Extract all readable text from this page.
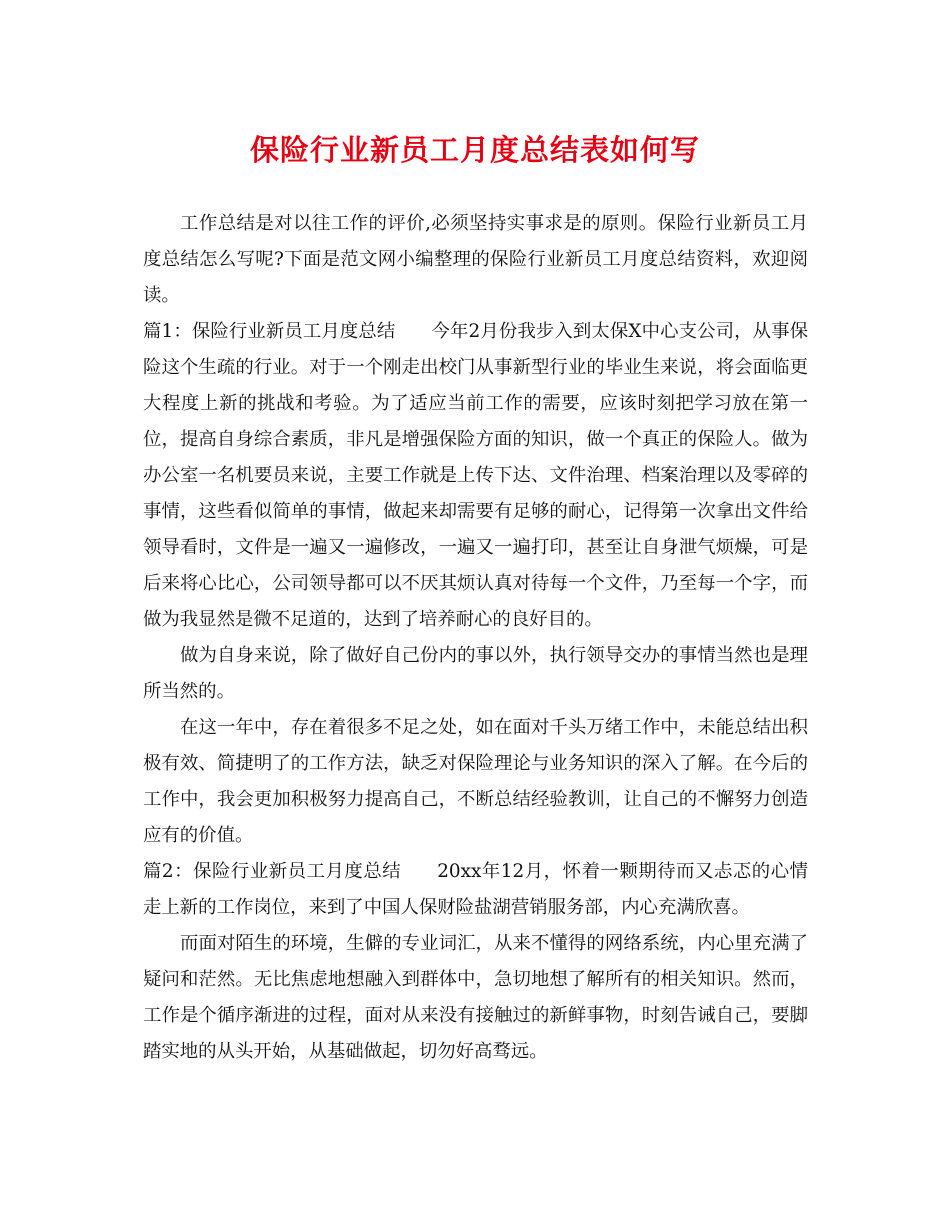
保险行业新员工月度总结表如何写

工作总结是对以往工作的评价,必须坚持实事求是的原则。保险行业新员工月度总结怎么写呢?下面是范文网小编整理的保险行业新员工月度总结资料，欢迎阅读。

篇1：保险行业新员工月度总结 今年2月份我步入到太保X中心支公司，从事保险这个生疏的行业。对于一个刚走出校门从事新型行业的毕业生来说，将会面临更大程度上新的挑战和考验。为了适应当前工作的需要，应该时刻把学习放在第一位，提高自身综合素质，非凡是增强保险方面的知识，做一个真正的保险人。做为办公室一名机要员来说，主要工作就是上传下达、文件治理、档案治理以及零碎的事情，这些看似简单的事情，做起来却需要有足够的耐心，记得第一次拿出文件给领导看时，文件是一遍又一遍修改，一遍又一遍打印，甚至让自身泄气烦燥，可是后来将心比心，公司领导都可以不厌其烦认真对待每一个文件，乃至每一个字，而做为我显然是微不足道的，达到了培养耐心的良好目的。

做为自身来说，除了做好自己份内的事以外，执行领导交办的事情当然也是理所当然的。

在这一年中，存在着很多不足之处，如在面对千头万绪工作中，未能总结出积极有效、简捷明了的工作方法，缺乏对保险理论与业务知识的深入了解。在今后的工作中，我会更加积极努力提高自己，不断总结经验教训，让自己的不懈努力创造应有的价值。

篇2：保险行业新员工月度总结 20xx年12月，怀着一颗期待而又忐忑的心情走上新的工作岗位，来到了中国人保财险盐湖营销服务部，内心充满欣喜。

而面对陌生的环境，生僻的专业词汇，从来不懂得的网络系统，内心里充满了疑问和茫然。无比焦虑地想融入到群体中，急切地想了解所有的相关知识。然而，工作是个循序渐进的过程，面对从来没有接触过的新鲜事物，时刻告诫自己，要脚踏实地的从头开始，从基础做起，切勿好高骛远。
